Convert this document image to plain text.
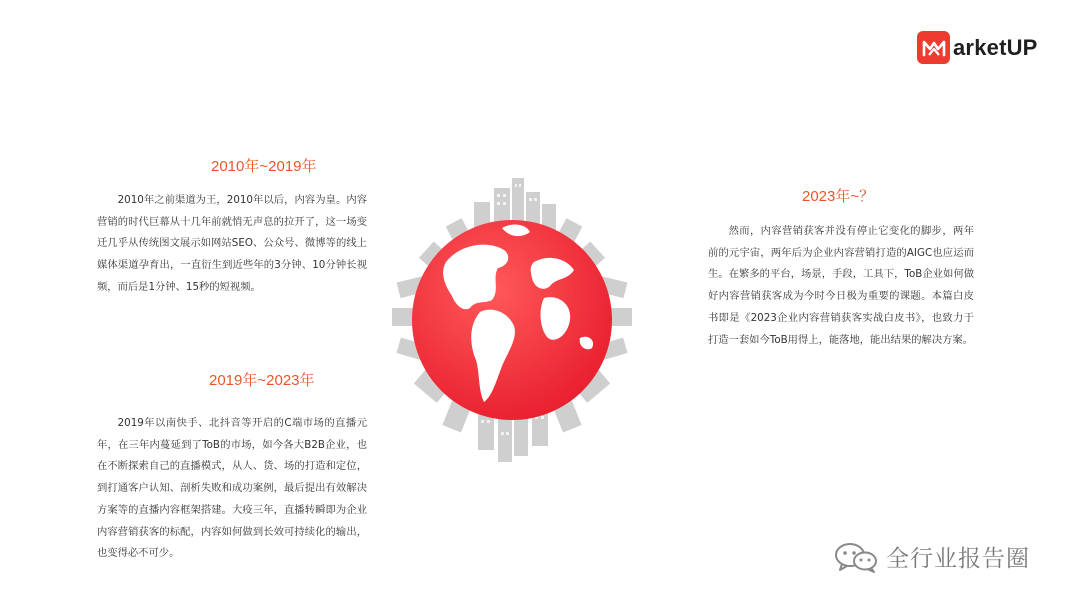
arketUP
2010年~2019年

2010年之前渠道为王，2010年以后，内容为皇。内容营销的时代巨幕从十几年前就悄无声息的拉开了，这一场变迁几乎从传统图文展示如网站SEO、公众号、微博等的线上媒体渠道孕育出，一直衍生到近些年的3分钟、10分钟长视频，而后是1分钟、15秒的短视频。

2019年~2023年

2019年以南快手、北抖音等开启的C端市场的直播元年，在三年内蔓延到了ToB的市场，如今各大B2B企业，也在不断探索自己的直播模式，从人、货、场的打造和定位，到打通客户认知、剖析失败和成功案例，最后提出有效解决方案等的直播内容框架搭建。大疫三年，直播转瞬即为企业内容营销获客的标配，内容如何做到长效可持续化的输出，也变得必不可少。

2023年~？

然而，内容营销获客并没有停止它变化的脚步，两年前的元宇宙，两年后为企业内容营销打造的AIGC也应运而生。在繁多的平台，场景，手段，工具下，ToB企业如何做好内容营销获客成为今时今日极为重要的课题。本篇白皮书即是《2023企业内容营销获客实战白皮书》，也致力于打造一套如今ToB用得上，能落地，能出结果的解决方案。

全行业报告圈
